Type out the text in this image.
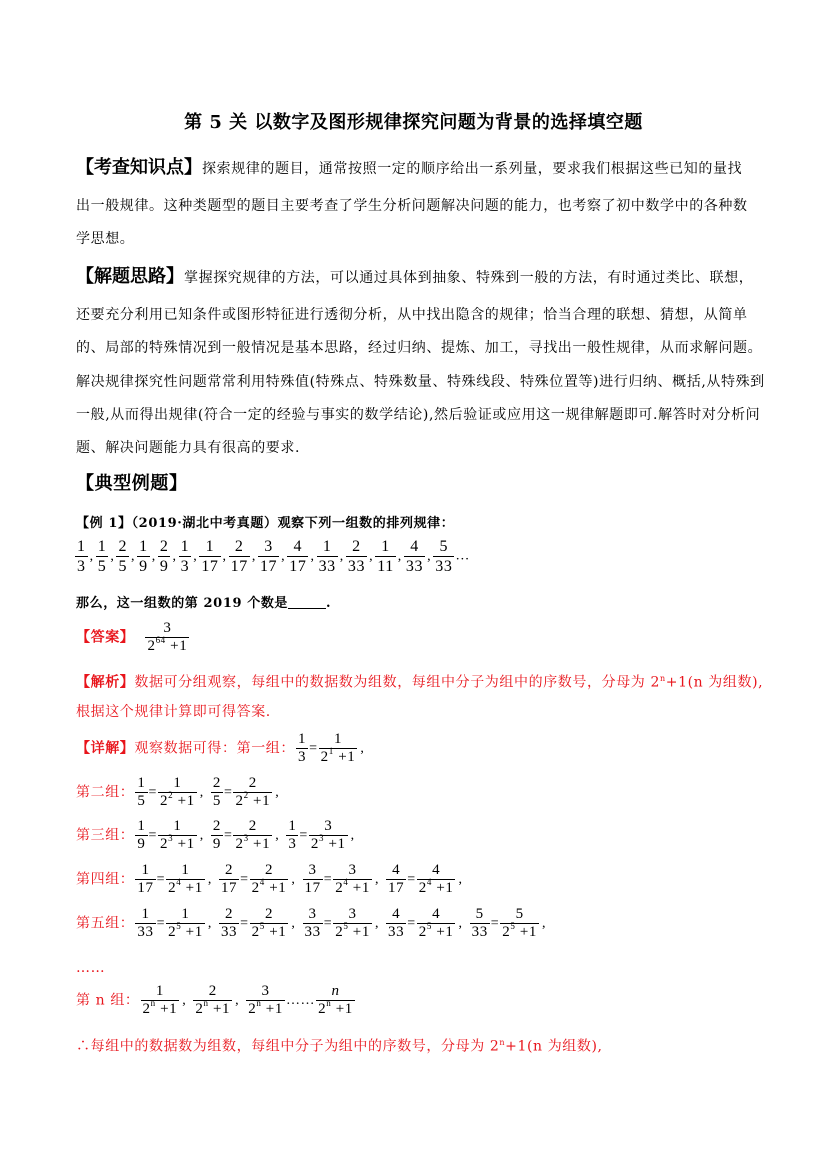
第 5 关 以数字及图形规律探究问题为背景的选择填空题
【考查知识点】探索规律的题目，通常按照一定的顺序给出一系列量，要求我们根据这些已知的量找
出一般规律。这种类题型的题目主要考查了学生分析问题解决问题的能力，也考察了初中数学中的各种数
学思想。
【解题思路】掌握探究规律的方法，可以通过具体到抽象、特殊到一般的方法，有时通过类比、联想，
还要充分利用已知条件或图形特征进行透彻分析，从中找出隐含的规律；恰当合理的联想、猜想，从简单
的、局部的特殊情况到一般情况是基本思路，经过归纳、提炼、加工，寻找出一般性规律，从而求解问题。
解决规律探究性问题常常利用特殊值(特殊点、特殊数量、特殊线段、特殊位置等)进行归纳、概括,从特殊到
一般,从而得出规律(符合一定的经验与事实的数学结论),然后验证或应用这一规律解题即可.解答时对分析问
题、解决问题能力具有很高的要求.
【典型例题】
【例 1】（2019·湖北中考真题）观察下列一组数的排列规律：
$\frac{1}{3}$ , $\frac{1}{5}$ , $\frac{2}{5}$ , $\frac{1}{9}$ , $\frac{2}{9}$ , $\frac{1}{3}$ , $\frac{1}{17}$ , $\frac{2}{17}$ , $\frac{3}{17}$ , $\frac{4}{17}$ , $\frac{1}{33}$ , $\frac{2}{33}$ , $\frac{1}{11}$ , $\frac{4}{33}$ , $\frac{5}{33}$ …
那么，这一组数的第 2019 个数是	.
【答案】 $\frac{3}{2^{64} +1}$
【解析】数据可分组观察，每组中的数据数为组数，每组中分子为组中的序数号，分母为 $2^n+1(n$ 为组数),
根据这个规律计算即可得答案.
【详解】观察数据可得：第一组： $\frac{1}{3} = \frac{1}{2^1 +1}$ ,
第二组： $\frac{1}{5} = \frac{1}{2^2 +1}$ , $\frac{2}{5} = \frac{2}{2^2 +1}$ ,
第三组： $\frac{1}{9} = \frac{1}{2^3 +1}$ , $\frac{2}{9} = \frac{2}{2^3 +1}$ , $\frac{1}{3} = \frac{3}{2^3 +1}$ ,
第四组： $\frac{1}{17} = \frac{1}{2^4 +1}$ , $\frac{2}{17} = \frac{2}{2^4 +1}$ , $\frac{3}{17} = \frac{3}{2^4 +1}$ , $\frac{4}{17} = \frac{4}{2^4 +1}$ ,
第五组： $\frac{1}{33} = \frac{1}{2^5 +1}$ , $\frac{2}{33} = \frac{2}{2^5 +1}$ , $\frac{3}{33} = \frac{3}{2^5 +1}$ , $\frac{4}{33} = \frac{4}{2^5 +1}$ , $\frac{5}{33} = \frac{5}{2^5 +1}$ ,
……
第 n 组： $\frac{1}{2^n +1}$ , $\frac{2}{2^n +1}$ , $\frac{3}{2^n +1}$ …… $\frac{n}{2^n +1}$
∴每组中的数据数为组数，每组中分子为组中的序数号，分母为 $2^n+1(n$ 为组数),
